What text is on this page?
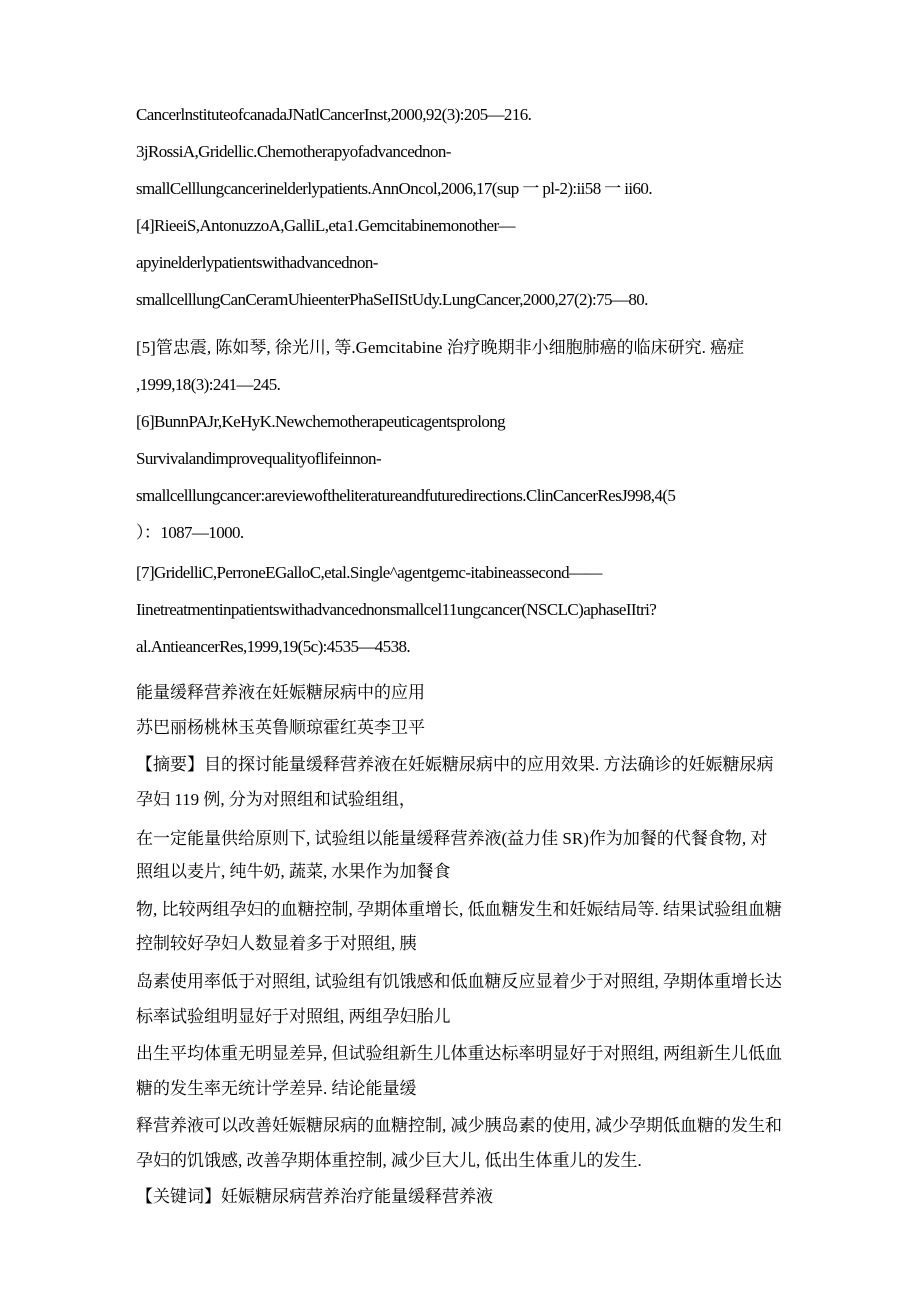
CancerlnstituteofcanadaJNatlCancerInst,2000,92(3):205—216.
3jRossiA,Gridellic.Chemotherapyofadvancednon-
smallCelllungcancerinelderlypatients.AnnOncol,2006,17(sup 一 pl-2):ii58 一 ii60.
[4]RieeiS,AntonuzzoA,GalliL,eta1.Gemcitabinemonother—
apyinelderlypatientswithadvancednon-
smallcelllungCanCeramUhieenterPhaSeIIStUdy.LungCancer,2000,27(2):75—80.
[5]管忠震, 陈如琴, 徐光川, 等.Gemcitabine 治疗晚期非小细胞肺癌的临床研究. 癌症
,1999,18(3):241—245.
[6]BunnPAJr,KeHyK.Newchemotherapeuticagentsprolong
Survivalandimprovequalityoflifeinnon-
smallcelllungcancer:areviewoftheliteratureandfuturedirections.ClinCancerResJ998,4(5
）：1087—1000.
[7]GridelliC,PerroneEGalloC,etal.Single^agentgemc-itabineassecond——
Iinetreatmentinpatientswithadvancednonsmallcel11ungcancer(NSCLC)aphaseIItri?
al.AntieancerRes,1999,19(5c):4535—4538.
能量缓释营养液在妊娠糖尿病中的应用
苏巴丽杨桃林玉英鲁顺琼霍红英李卫平
【摘要】目的探讨能量缓释营养液在妊娠糖尿病中的应用效果. 方法确诊的妊娠糖尿病
孕妇 119 例, 分为对照组和试验组组，
在一定能量供给原则下, 试验组以能量缓释营养液(益力佳 SR)作为加餐的代餐食物, 对
照组以麦片, 纯牛奶, 蔬菜, 水果作为加餐食
物, 比较两组孕妇的血糖控制, 孕期体重增长, 低血糖发生和妊娠结局等. 结果试验组血糖
控制较好孕妇人数显着多于对照组, 胰
岛素使用率低于对照组, 试验组有饥饿感和低血糖反应显着少于对照组, 孕期体重增长达
标率试验组明显好于对照组, 两组孕妇胎儿
出生平均体重无明显差异, 但试验组新生儿体重达标率明显好于对照组, 两组新生儿低血
糖的发生率无统计学差异. 结论能量缓
释营养液可以改善妊娠糖尿病的血糖控制, 减少胰岛素的使用, 减少孕期低血糖的发生和
孕妇的饥饿感, 改善孕期体重控制, 减少巨大儿, 低出生体重儿的发生.
【关键词】妊娠糖尿病营养治疗能量缓释营养液
